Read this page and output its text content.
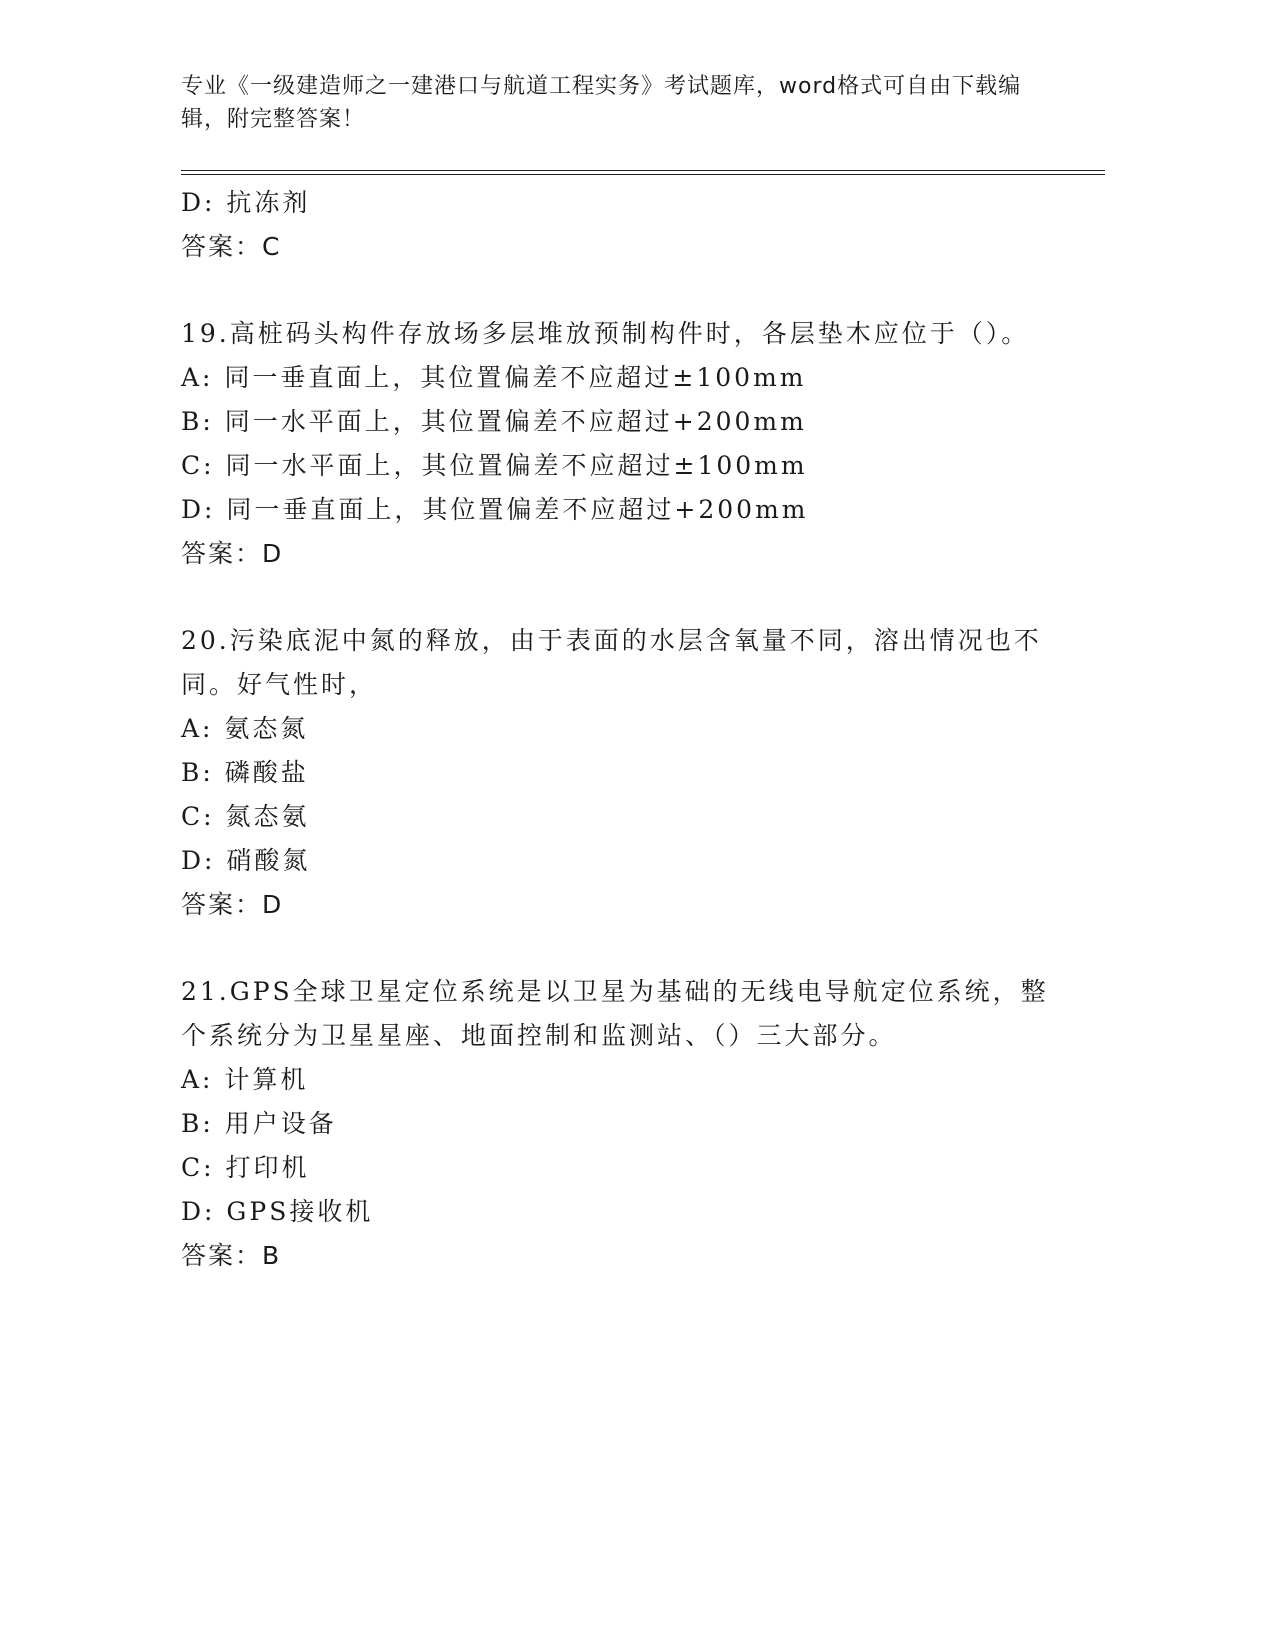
专业《一级建造师之一建港口与航道工程实务》考试题库，word格式可自由下载编辑，附完整答案！
D: 抗冻剂
答案：C
19.高桩码头构件存放场多层堆放预制构件时，各层垫木应位于（）。
A: 同一垂直面上，其位置偏差不应超过±100mm
B: 同一水平面上，其位置偏差不应超过+200mm
C: 同一水平面上，其位置偏差不应超过±100mm
D: 同一垂直面上，其位置偏差不应超过+200mm
答案：D
20.污染底泥中氮的释放，由于表面的水层含氧量不同，溶出情况也不同。好气性时，
A: 氨态氮
B: 磷酸盐
C: 氮态氨
D: 硝酸氮
答案：D
21.GPS全球卫星定位系统是以卫星为基础的无线电导航定位系统，整个系统分为卫星星座、地面控制和监测站、（）三大部分。
A: 计算机
B: 用户设备
C: 打印机
D: GPS接收机
答案：B
